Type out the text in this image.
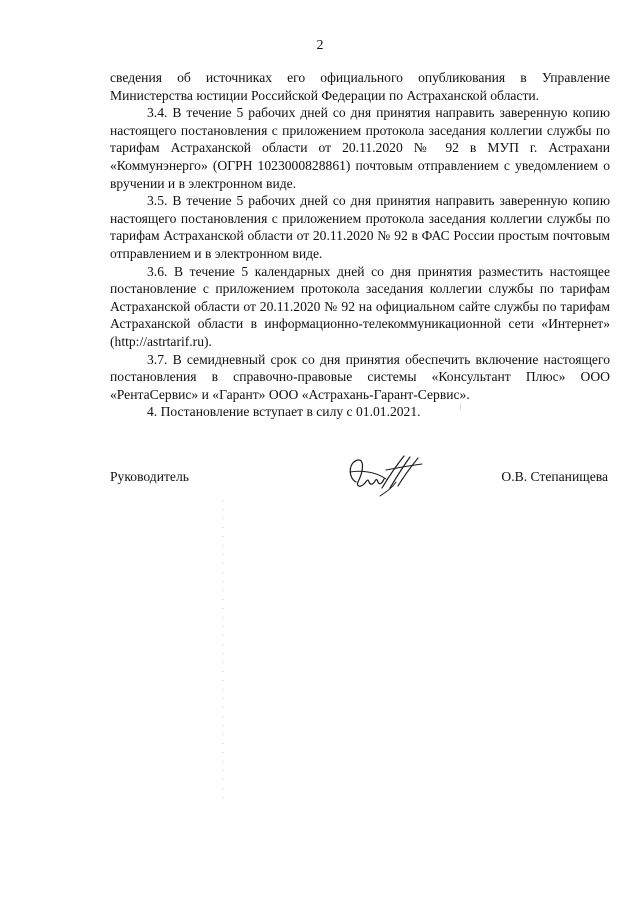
2

сведения об источниках его официального опубликования в Управление Министерства юстиции Российской Федерации по Астраханской области.

3.4. В течение 5 рабочих дней со дня принятия направить заверенную копию настоящего постановления с приложением протокола заседания коллегии службы по тарифам Астраханской области от 20.11.2020 № 92 в МУП г. Астрахани «Коммунэнерго» (ОГРН 1023000828861) почтовым отправлением с уведомлением о вручении и в электронном виде.

3.5. В течение 5 рабочих дней со дня принятия направить заверенную копию настоящего постановления с приложением протокола заседания коллегии службы по тарифам Астраханской области от 20.11.2020 № 92 в ФАС России простым почтовым отправлением и в электронном виде.

3.6. В течение 5 календарных дней со дня принятия разместить настоящее постановление с приложением протокола заседания коллегии службы по тарифам Астраханской области от 20.11.2020 № 92 на официальном сайте службы по тарифам Астраханской области в информационно-телекоммуникационной сети «Интернет» (http://astrtarif.ru).

3.7. В семидневный срок со дня принятия обеспечить включение настоящего постановления в справочно-правовые системы «Консультант Плюс» ООО «РентаСервис» и «Гарант» ООО «Астрахань-Гарант-Сервис».

4. Постановление вступает в силу с 01.01.2021.

Руководитель	О.В. Степанищева
